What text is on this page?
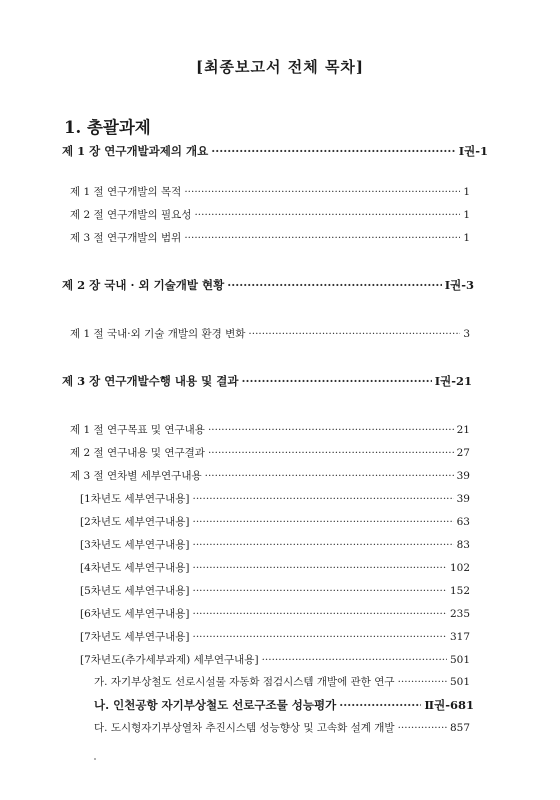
[최종보고서 전체 목차]
1. 총괄과제
제 1 장 연구개발과제의 개요 ·····	Ⅰ권-1
제 1 절 연구개발의 목적 ·····	1
제 2 절 연구개발의 필요성 ·····	1
제 3 절 연구개발의 범위 ·····	1
제 2 장 국내 · 외 기술개발 현황 ·····	Ⅰ권-3
제 1 절 국내·외 기술 개발의 환경 변화 ·····	3
제 3 장 연구개발수행 내용 및 결과 ·····	Ⅰ권-21
제 1 절 연구목표 및 연구내용 ·····	21
제 2 절 연구내용 및 연구결과 ·····	27
제 3 절 연차별 세부연구내용 ·····	39
[1차년도 세부연구내용] ·····	39
[2차년도 세부연구내용] ·····	63
[3차년도 세부연구내용] ·····	83
[4차년도 세부연구내용] ·····	102
[5차년도 세부연구내용] ·····	152
[6차년도 세부연구내용] ·····	235
[7차년도 세부연구내용] ·····	317
[7차년도(추가세부과제) 세부연구내용] ·····	501
가. 자기부상철도 선로시설물 자동화 점검시스템 개발에 관한 연구 ·····	501
나. 인천공항 자기부상철도 선로구조물 성능평가 ·····	Ⅱ권-681
다. 도시형자기부상열차 추진시스템 성능향상 및 고속화 설계 개발 ·····	857
